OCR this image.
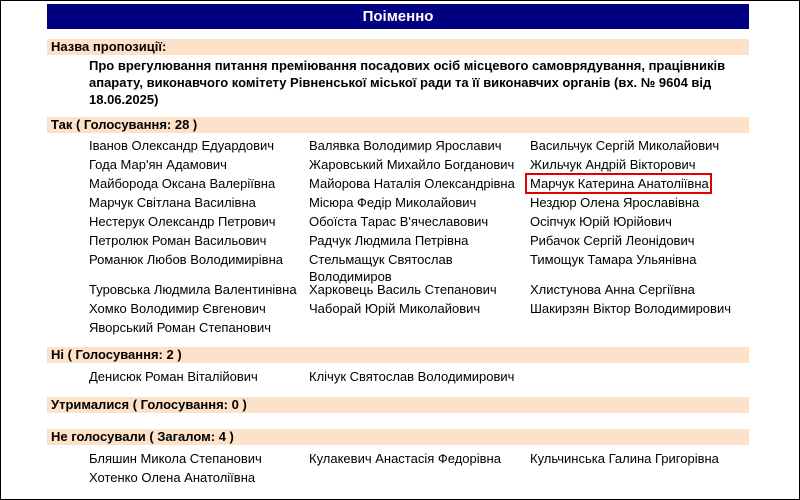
Поіменно
Назва пропозиції:
Про врегулювання питання преміювання посадових осіб місцевого самоврядування, працівників апарату, виконавчого комітету Рівненської міської ради та її виконавчих органів (вх. № 9604 від 18.06.2025)
Так ( Голосування: 28 )
Іванов Олександр Едуардович
Года Мар'ян Адамович
Майборода Оксана Валеріївна
Марчук Світлана Василівна
Нестерук Олександр Петрович
Петролюк Роман Васильович
Романюк Любов Володимирівна
Туровська Людмила Валентинівна
Хомко Володимир Євгенович
Яворський Роман Степанович
Валявка Володимир Ярославич
Жаровський Михайло Богданович
Майорова Наталія Олександрівна
Місюра Федір Миколайович
Обоїста Тарас В'ячеславович
Радчук Людмила Петрівна
Стельмащук Святослав Володимиров
Харковець Василь Степанович
Чаборай Юрій Миколайович
Васильчук Сергій Миколайович
Жильчук Андрій Вікторович
Марчук Катерина Анатоліївна
Нездюр Олена Ярославівна
Осіпчук Юрій Юрійович
Рибачок Сергій Леонідович
Тимощук Тамара Ульянівна
Хлистунова Анна Сергіївна
Шакирзян Віктор Володимирович
Ні ( Голосування: 2 )
Денисюк Роман Віталійович	Клічук Святослав Володимирович
Утрималися ( Голосування: 0 )
Не голосували ( Загалом: 4 )
Бляшин Микола Степанович
Хотенко Олена Анатоліївна
Кулакевич Анастасія Федорівна	Кульчинська Галина Григорівна
